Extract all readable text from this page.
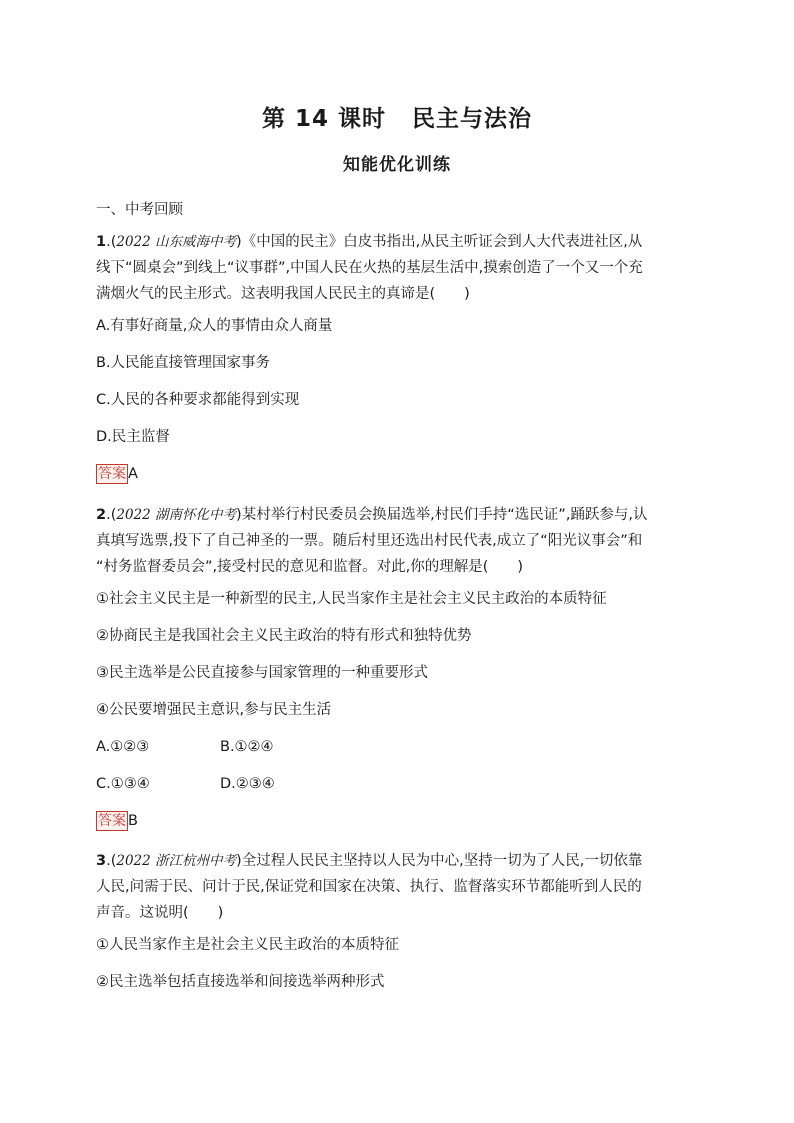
第 14 课时 民主与法治
知能优化训练
一、中考回顾
1.(2022 山东威海中考)《中国的民主》白皮书指出,从民主听证会到人大代表进社区,从
线下“圆桌会”到线上“议事群”,中国人民在火热的基层生活中,摸索创造了一个又一个充
满烟火气的民主形式。这表明我国人民民主的真谛是(　　)
A.有事好商量,众人的事情由众人商量
B.人民能直接管理国家事务
C.人民的各种要求都能得到实现
D.民主监督
答案 A
2.(2022 湖南怀化中考)某村举行村民委员会换届选举,村民们手持“选民证”,踊跃参与,认
真填写选票,投下了自己神圣的一票。随后村里还选出村民代表,成立了“阳光议事会”和
“村务监督委员会”,接受村民的意见和监督。对此,你的理解是(　　)
①社会主义民主是一种新型的民主,人民当家作主是社会主义民主政治的本质特征
②协商民主是我国社会主义民主政治的特有形式和独特优势
③民主选举是公民直接参与国家管理的一种重要形式
④公民要增强民主意识,参与民主生活
A.①②③	B.①②④
C.①③④	D.②③④
答案 B
3.(2022 浙江杭州中考)全过程人民民主坚持以人民为中心,坚持一切为了人民,一切依靠
人民,问需于民、问计于民,保证党和国家在决策、执行、监督落实环节都能听到人民的
声音。这说明(　　)
①人民当家作主是社会主义民主政治的本质特征
②民主选举包括直接选举和间接选举两种形式
